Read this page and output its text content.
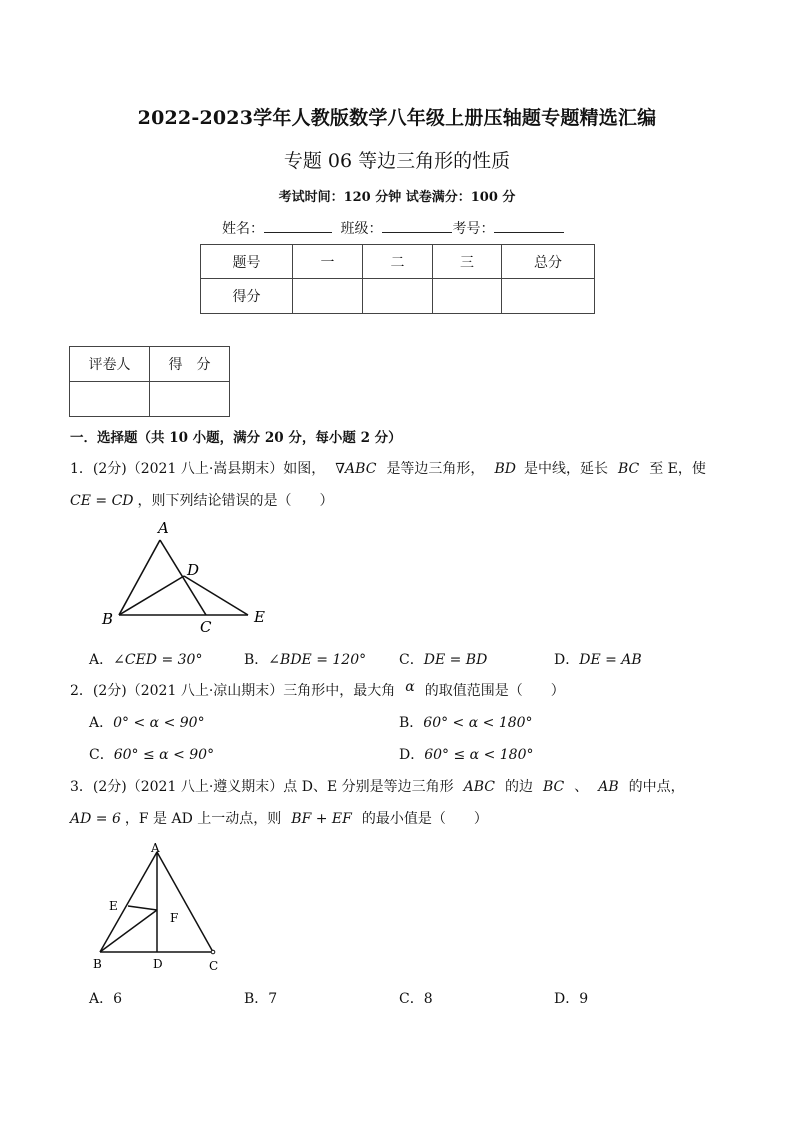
2022-2023学年人教版数学八年级上册压轴题专题精选汇编
专题 06 等边三角形的性质
考试时间：120 分钟 试卷满分：100 分
姓名：	班级：	考号：
题号	一	二	三	总分
得分				
评卷人	得　分

一．选择题（共 10 小题，满分 20 分，每小题 2 分）
1．(2分)（2021 八上·嵩县期末）如图， ∇ABC 是等边三角形， BD 是中线，延长 BC 至 E，使
CE = CD ，则下列结论错误的是（　　）
A
B	C
D
E
A．∠CED = 30°	B．∠BDE = 120° C．DE = BD	D．DE = AB
2．(2分)（2021 八上·凉山期末）三角形中，最大角 α 的取值范围是（　　）
A．0° < α < 90°	B．60° < α < 180°
C．60° ≤ α < 90°	D．60° ≤ α < 180°
3．(2分)（2021 八上·遵义期末）点 D、E 分别是等边三角形 ABC 的边 BC 、 AB 的中点，
AD = 6 ，F 是 AD 上一动点，则 BF + EF 的最小值是（　　）
A
B	C
D
E
F
A．6	B．7	C．8	D．9
